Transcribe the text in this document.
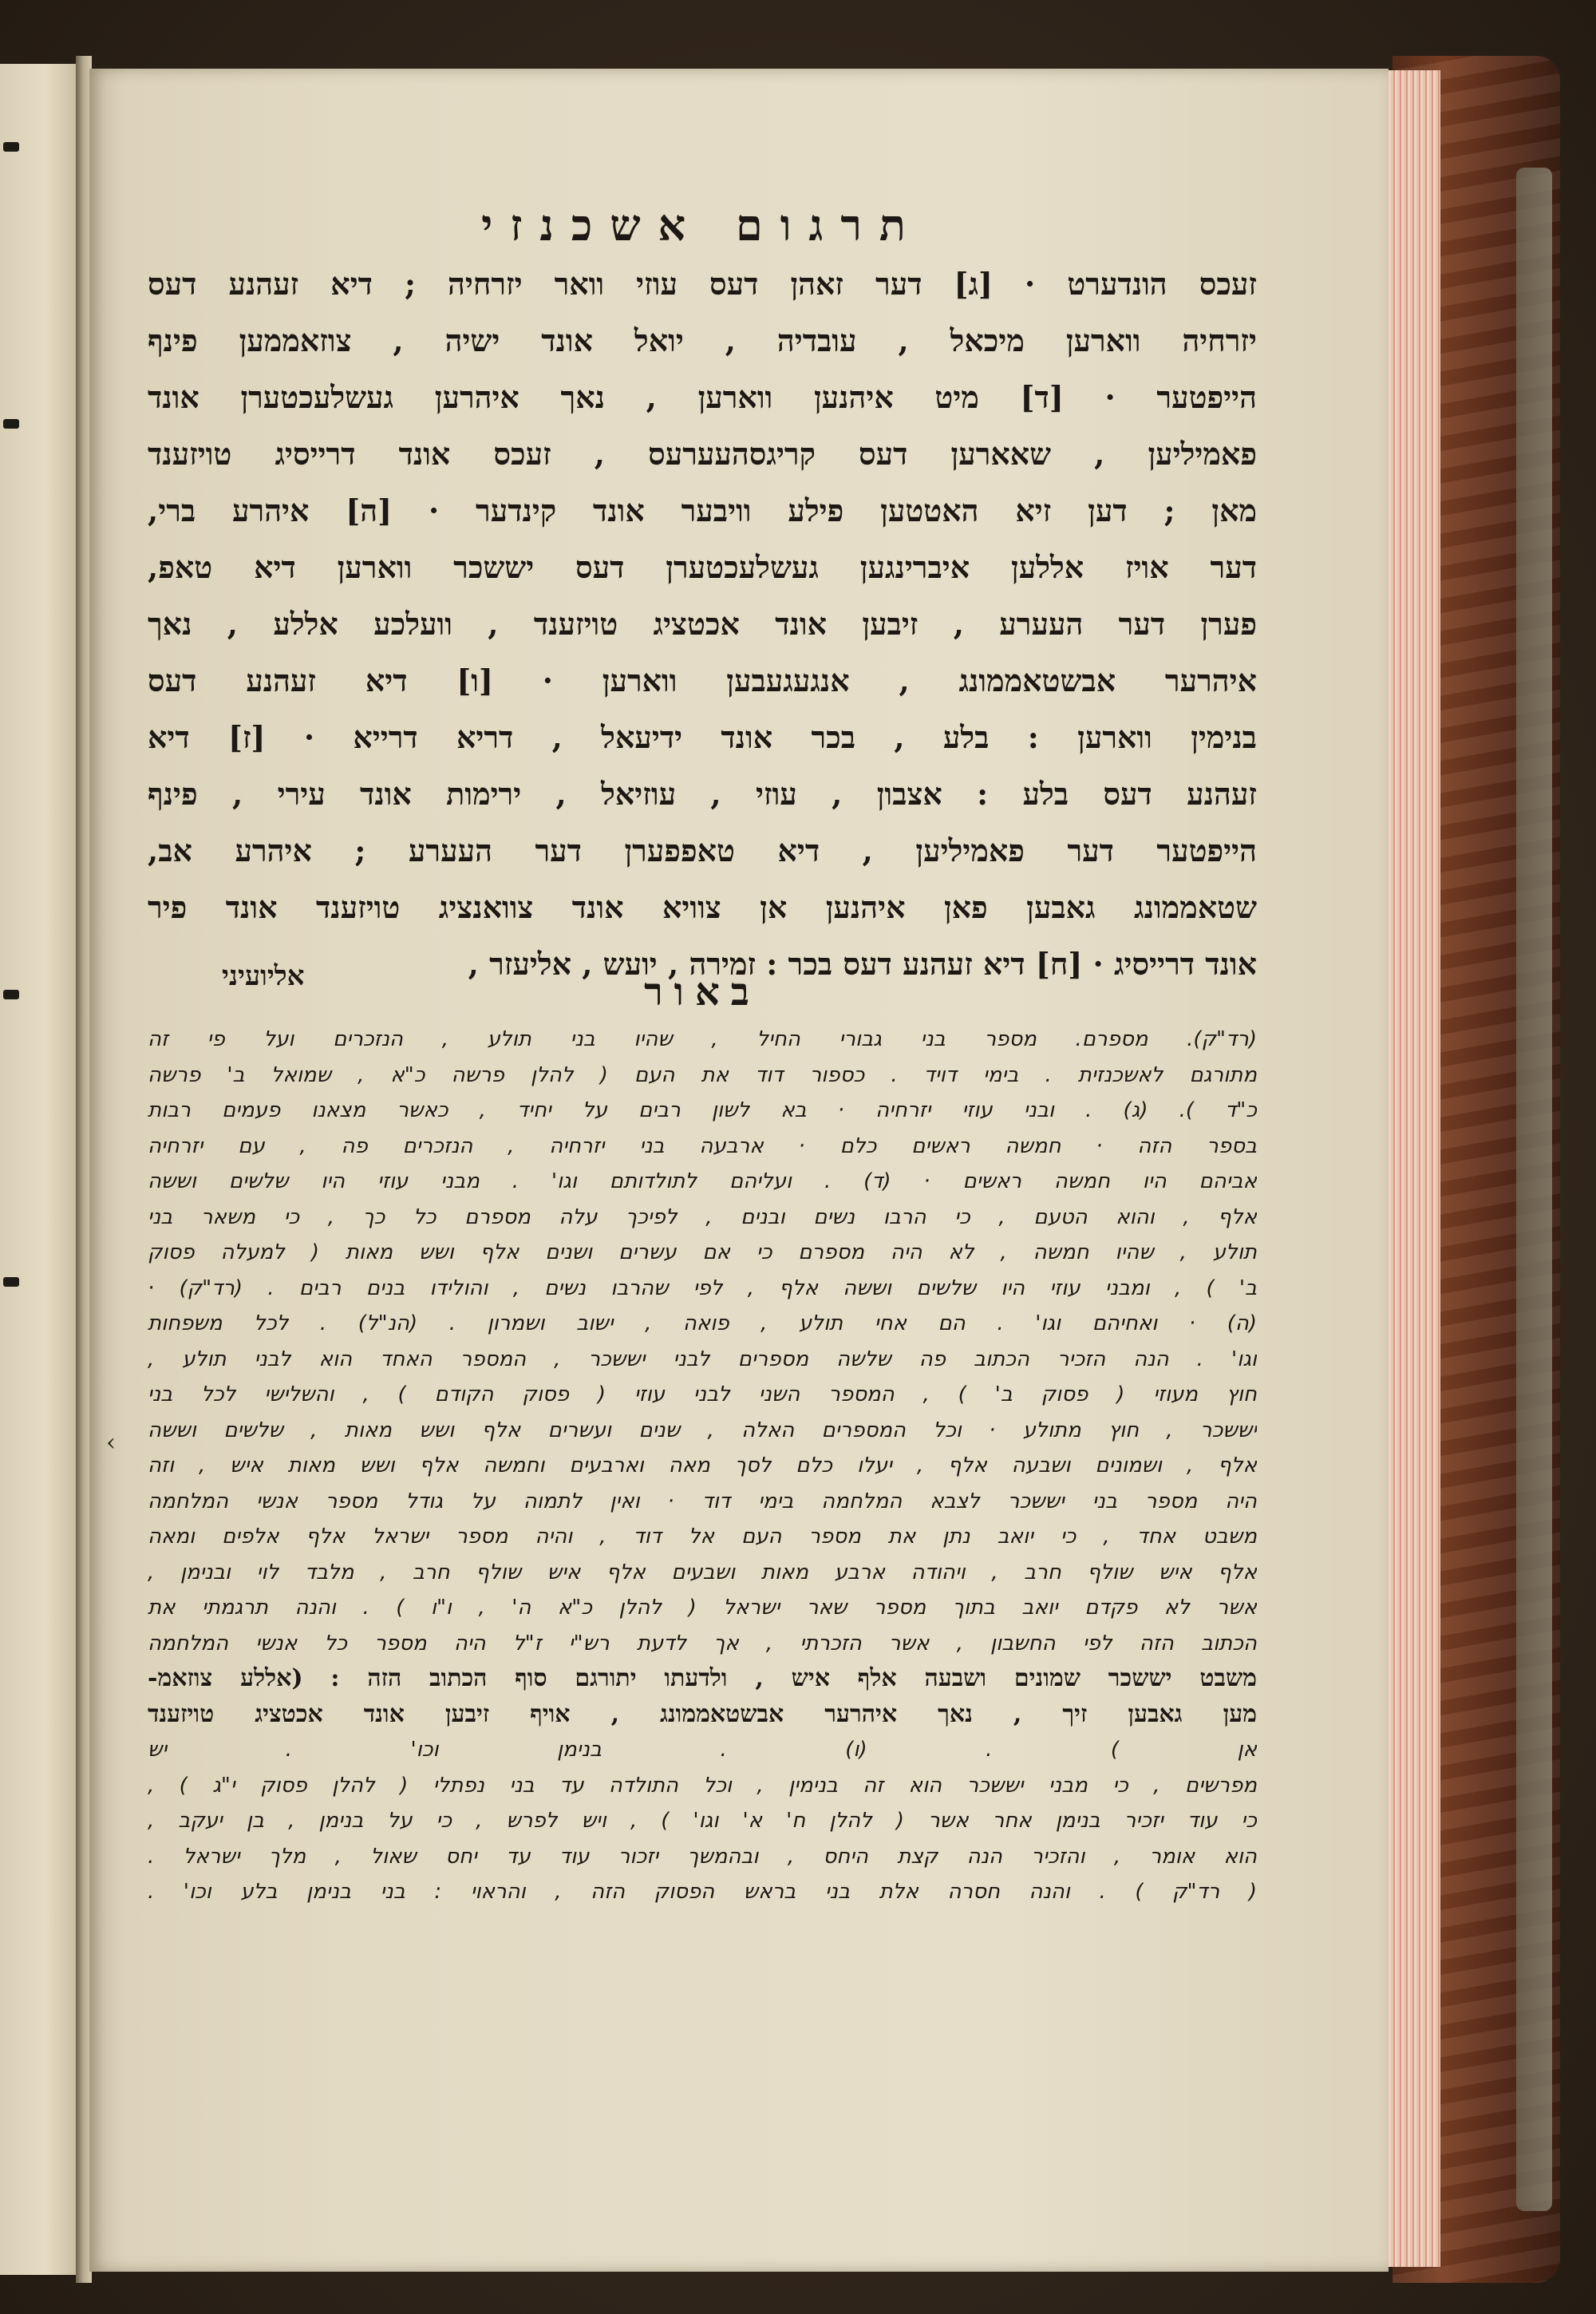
תרגום אשכנזי
זעכס הונדערט · [ג] דער זאהן דעס עוזי וואר יזרחיה ; דיא זעהנע דעס
יזרחיה ווארען מיכאל , עובדיה , יואל אונד ישיה , צוזאממען פינף
הייפטער · [ד] מיט איהנען ווארען , נאך איהרען געשלעכטערן אונד
פאמיליען , שאארען דעס קריגסהעערעס , זעכס אונד דרייסיג טויזענד
מאן ; דען זיא האטטען פילע וויבער אונד קינדער · [ה] איהרע ברי,
דער אויז אללען איברינגען געשלעכטערן דעס יששכר ווארען דיא טאפ,
פערן דער העערע , זיבען אונד אכטציג טויזענד , וועלכע אללע , נאך
איהרער אבשטאממונג , אנגעגעבען ווארען · [ו] דיא זעהנע דעס
בנימין ווארען : בלע , בכר אונד ידיעאל , דריא דרייא · [ז] דיא
זעהנע דעס בלע : אצבון , עוזי , עוזיאל , ירימות אונד עירי , פינף
הייפטער דער פאמיליען , דיא טאפפערן דער העערע ; איהרע אב,
שטאממונג גאבען פאן איהנען אן צוויא אונד צוואנציג טויזענד אונד פיר
אונד דרייסיג · [ח] דיא זעהנע דעס בכר : זמירה , יועש , אליעזר ,
אליועיני	באור
(רד"ק). מספרם. מספר בני גבורי החיל , שהיו בני תולע , הנזכרים ועל פי זה
מתורגם לאשכנזית . בימי דויד . כספור דוד את העם ( להלן פרשה כ"א , שמואל ב' פרשה
כ"ד ). (ג) . ובני עוזי יזרחיה · בא לשון רבים על יחיד , כאשר מצאנו פעמים רבות
בספר הזה · חמשה ראשים כלם · ארבעה בני יזרחיה , הנזכרים פה , עם יזרחיה
אביהם היו חמשה ראשים · (ד) . ועליהם לתולדותם וגו' . מבני עוזי היו שלשים וששה
אלף , והוא הטעם , כי הרבו נשים ובנים , לפיכך עלה מספרם כל כך , כי משאר בני
תולע , שהיו חמשה , לא היה מספרם כי אם עשרים ושנים אלף ושש מאות ( למעלה פסוק
ב' ) , ומבני עוזי היו שלשים וששה אלף , לפי שהרבו נשים , והולידו בנים רבים . (רד"ק) ·
(ה) · ואחיהם וגו' . הם אחי תולע , פואה , ישוב ושמרון . (הנ"ל) . לכל משפחות
וגו' . הנה הזכיר הכתוב פה שלשה מספרים לבני יששכר , המספר האחד הוא לבני תולע ,
חוץ מעוזי ( פסוק ב' ) , המספר השני לבני עוזי ( פסוק הקודם ) , והשלישי לכל בני
יששכר , חוץ מתולע · וכל המספרים האלה , שנים ועשרים אלף ושש מאות , שלשים וששה
אלף , ושמונים ושבעה אלף , יעלו כלם לסך מאה וארבעים וחמשה אלף ושש מאות איש , וזה
היה מספר בני יששכר לצבא המלחמה בימי דוד · ואין לתמוה על גודל מספר אנשי המלחמה
משבט אחד , כי יואב נתן את מספר העם אל דוד , והיה מספר ישראל אלף אלפים ומאה
אלף איש שולף חרב , ויהודה ארבע מאות ושבעים אלף איש שולף חרב , מלבד לוי ובנימן ,
אשר לא פקדם יואב בתוך מספר שאר ישראל ( להלן כ"א ה' , ו"ו ) . והנה תרגמתי את
הכתוב הזה לפי החשבון , אשר הזכרתי , אך לדעת רש"י ז"ל היה מספר כל אנשי המלחמה
משבט יששכר שמונים ושבעה אלף איש , ולדעתו יתורגם סוף הכתוב הזה : (אללע צוזאמ-
מען גאבען זיך , נאך איהרער אבשטאממונג , אויף זיבען אונד אכטציג טויזענד
אן ) . (ו) . בנימן וכו' . יש
מפרשים , כי מבני יששכר הוא זה בנימין , וכל התולדה עד בני נפתלי ( להלן פסוק י"ג ) ,
כי עוד יזכיר בנימן אחר אשר ( להלן ח' א' וגו' ) , ויש לפרש , כי על בנימן , בן יעקב ,
הוא אומר , והזכיר הנה קצת היחס , ובהמשך יזכור עוד עד יחס שאול , מלך ישראל .
( רד"ק ) . והנה חסרה אלת בני בראש הפסוק הזה , והראוי : בני בנימן בלע וכו' .
‹
